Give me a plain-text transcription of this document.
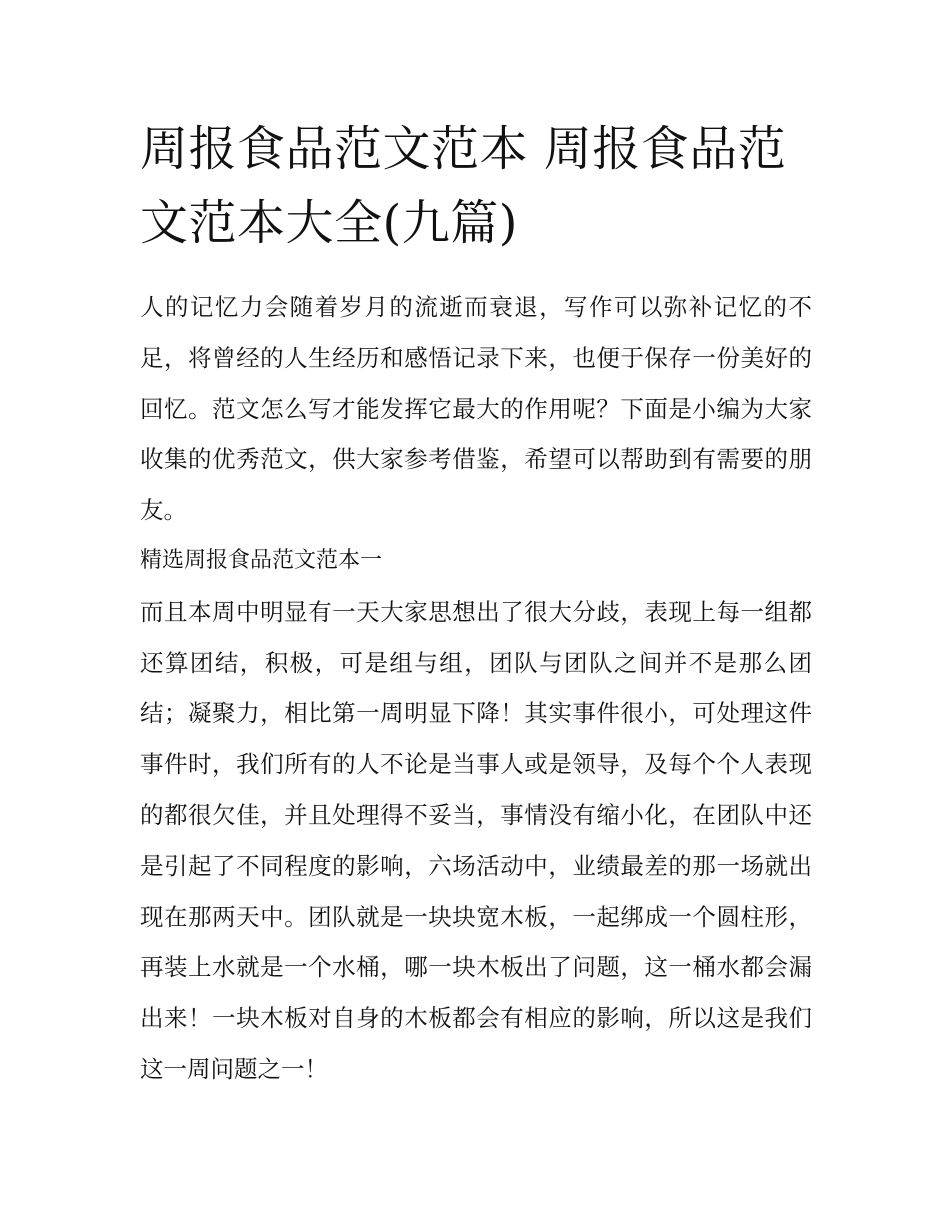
周报食品范文范本 周报食品范文范本大全(九篇)

人的记忆力会随着岁月的流逝而衰退，写作可以弥补记忆的不足，将曾经的人生经历和感悟记录下来，也便于保存一份美好的回忆。范文怎么写才能发挥它最大的作用呢？下面是小编为大家收集的优秀范文，供大家参考借鉴，希望可以帮助到有需要的朋友。

精选周报食品范文范本一

而且本周中明显有一天大家思想出了很大分歧，表现上每一组都还算团结，积极，可是组与组，团队与团队之间并不是那么团结；凝聚力，相比第一周明显下降！其实事件很小，可处理这件事件时，我们所有的人不论是当事人或是领导，及每个个人表现的都很欠佳，并且处理得不妥当，事情没有缩小化，在团队中还是引起了不同程度的影响，六场活动中，业绩最差的那一场就出现在那两天中。团队就是一块块宽木板，一起绑成一个圆柱形，再装上水就是一个水桶，哪一块木板出了问题，这一桶水都会漏出来！一块木板对自身的木板都会有相应的影响，所以这是我们这一周问题之一！
